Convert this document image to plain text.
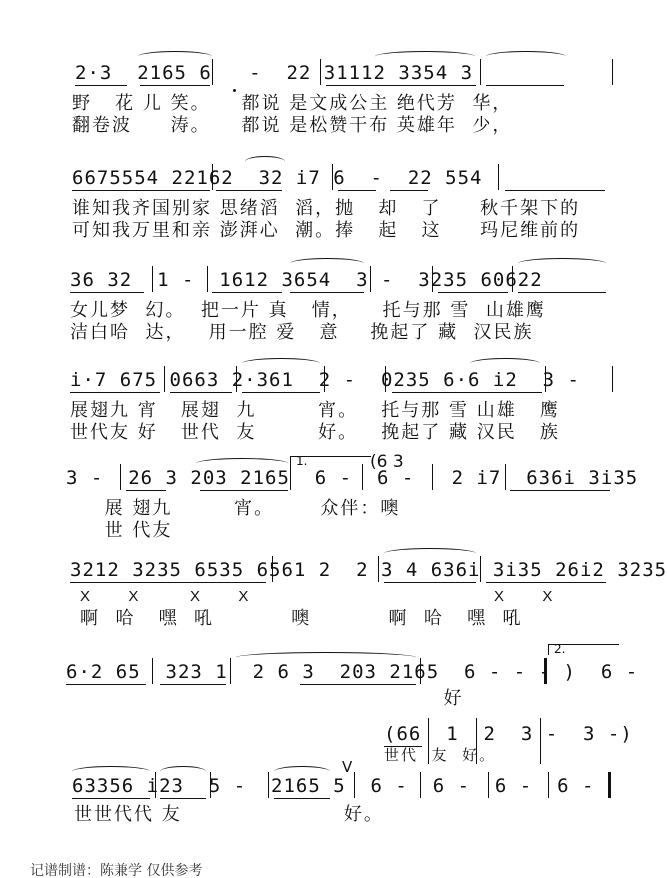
2·3  2165 6   -  22 31112 3354 3
野   花 儿 笑。    都说 是文成公主 绝代芳  华，
翻卷波     涛。    都说 是松赞干布 英雄年  少，
6675554 22162  32 i7 6  -  22 554
谁知我齐国别家 思绪滔  滔，抛   却   了     秋千架下的
可知我万里和亲 澎湃心  潮。捧   起   这     玛尼维前的
36 32  1 -  1612 3654  3 -  3235 60622
女儿梦  幻。  把一片 真   情，    托与那 雪  山雄鹰
洁白哈  达，   用一腔 爱   意    挽起了 藏  汉民族
i·7 675 0663 2·361  2 -  0235 6·6 i2  3 -
展翅九 宵   展翅  九        宵。   托与那 雪 山雄   鹰
世代友 好   世代  友        好。   挽起了 藏 汉民   族
3 -  26 3 203 2165  6 -  6 -   2 i7  636i 3i35
展 翅九        宵。      众伴：噢
世 代友
1.	(6 3
3212 3235 6535 6561 2  2 3 4 636i 3i35 26i2 3235
X  X	X  X	X  X
啊  哈   嘿  吼          噢          啊  哈   嘿  吼
6·2 65  323 1  2 6 3  203 2165  6 - - - )  6 -
好
2.
(66  1  2  3 -  3 -)
世代  友  好。
63356 i23  5 -  2165 5  6 -  6 -  6 -  6 -
世世代代 友                     好。
V
记谱制谱：陈兼学 仅供参考
